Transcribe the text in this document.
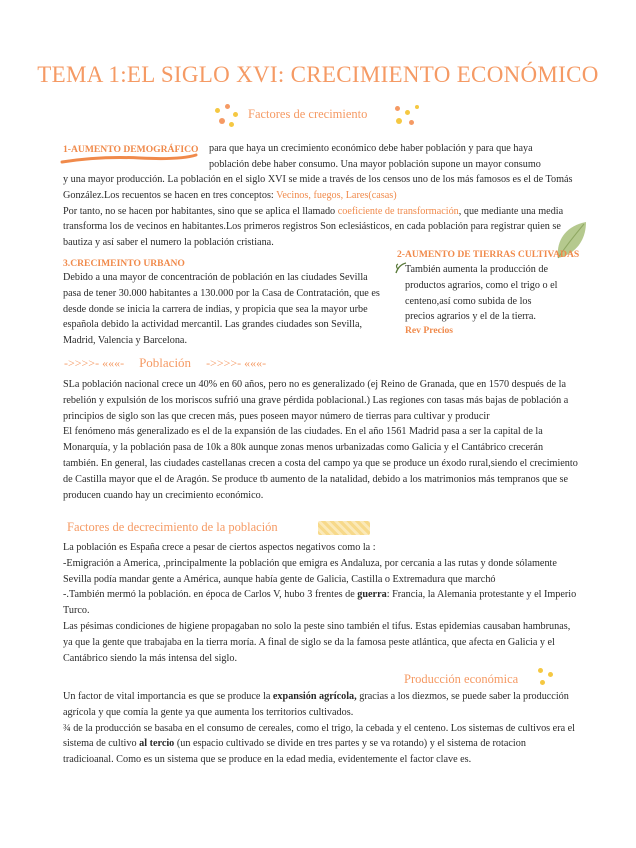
TEMA 1:EL SIGLO XVI: CRECIMIENTO ECONÓMICO
Factores de crecimiento
1-AUMENTO DEMOGRÁFICO para que haya un crecimiento económico debe haber población y para que haya
población debe haber consumo. Una mayor población supone un mayor consumo

y una mayor producción. La población en el siglo XVI se mide a través de los censos uno de los más famosos es el de Tomás González.Los recuentos se hacen en tres conceptos: Vecinos, fuegos, Lares(casas)

Por tanto, no se hacen por habitantes, sino que se aplica el llamado coeficiente de transformación, que mediante una media transforma los de vecinos en habitantes.Los primeros registros Son eclesiásticos, en cada población para registrar quien se bautiza y así saber el numero la población cristiana.

3.CRECIMEINTO URBANO
Debido a una mayor de concentración de población en las ciudades Sevilla pasa de tener 30.000 habitantes a 130.000 por la Casa de Contratación, que es desde donde se inicia la carrera de indias, y propicia que sea la mayor urbe española debido la actividad mercantil. Las grandes ciudades son Sevilla, Madrid, Valencia y Barcelona.
2-AUMENTO DE TIERRAS CULTIVADAS
También aumenta la producción de productos agrarios, como el trigo o el centeno,así como subida de los precios agrarios y el de la tierra.
Rev Precios
->>>>- «««- Población ->>>>- «««-

SLa población nacional crece un 40% en 60 años, pero no es generalizado (ej Reino de Granada, que en 1570 después de la rebelión y expulsión de los moriscos sufrió una grave pérdida poblacional.) Las regiones con tasas más bajas de población a principios de siglo son las que crecen más, pues poseen mayor número de tierras para cultivar y producir

El fenómeno más generalizado es el de la expansión de las ciudades. En el año 1561 Madrid pasa a ser la capital de la Monarquía, y la población pasa de 10k a 80k aunque zonas menos urbanizadas como Galicia y el Cantábrico crecerán también. En general, las ciudades castellanas crecen a costa del campo ya que se produce un éxodo rural,siendo el crecimiento de Castilla mayor que el de Aragón. Se produce tb aumento de la natalidad, debido a los matrimonios más tempranos que se producen cuando hay un crecimiento económico.

Factores de decrecimiento de la población

La población es España crece a pesar de ciertos aspectos negativos como la :

-Emigración a America, ,principalmente la población que emigra es Andaluza, por cercania a las rutas y donde sólamente Sevilla podía mandar gente a América, aunque había gente de Galicia, Castilla o Extremadura que marchó

-.También mermó la población. en época de Carlos V, hubo 3 frentes de guerra: Francia, la Alemania protestante y el Imperio Turco.

Las pésimas condiciones de higiene propagaban no solo la peste sino también el tifus. Estas epidemias causaban hambrunas, ya que la gente que trabajaba en la tierra moría. A final de siglo se da la famosa peste atlántica, que afecta en Galicia y el Cantábrico siendo la más intensa del siglo.

Producción económica

Un factor de vital importancia es que se produce la expansión agrícola, gracias a los diezmos, se puede saber la producción agrícola y que comía la gente ya que aumenta los territorios cultivados.

¾ de la producción se basaba en el consumo de cereales, como el trigo, la cebada y el centeno. Los sistemas de cultivos era el sistema de cultivo al tercio (un espacio cultivado se divide en tres partes y se va rotando) y el sistema de rotacion tradicioanal. Como es un sistema que se produce en la edad media, evidentemente el factor clave es.
